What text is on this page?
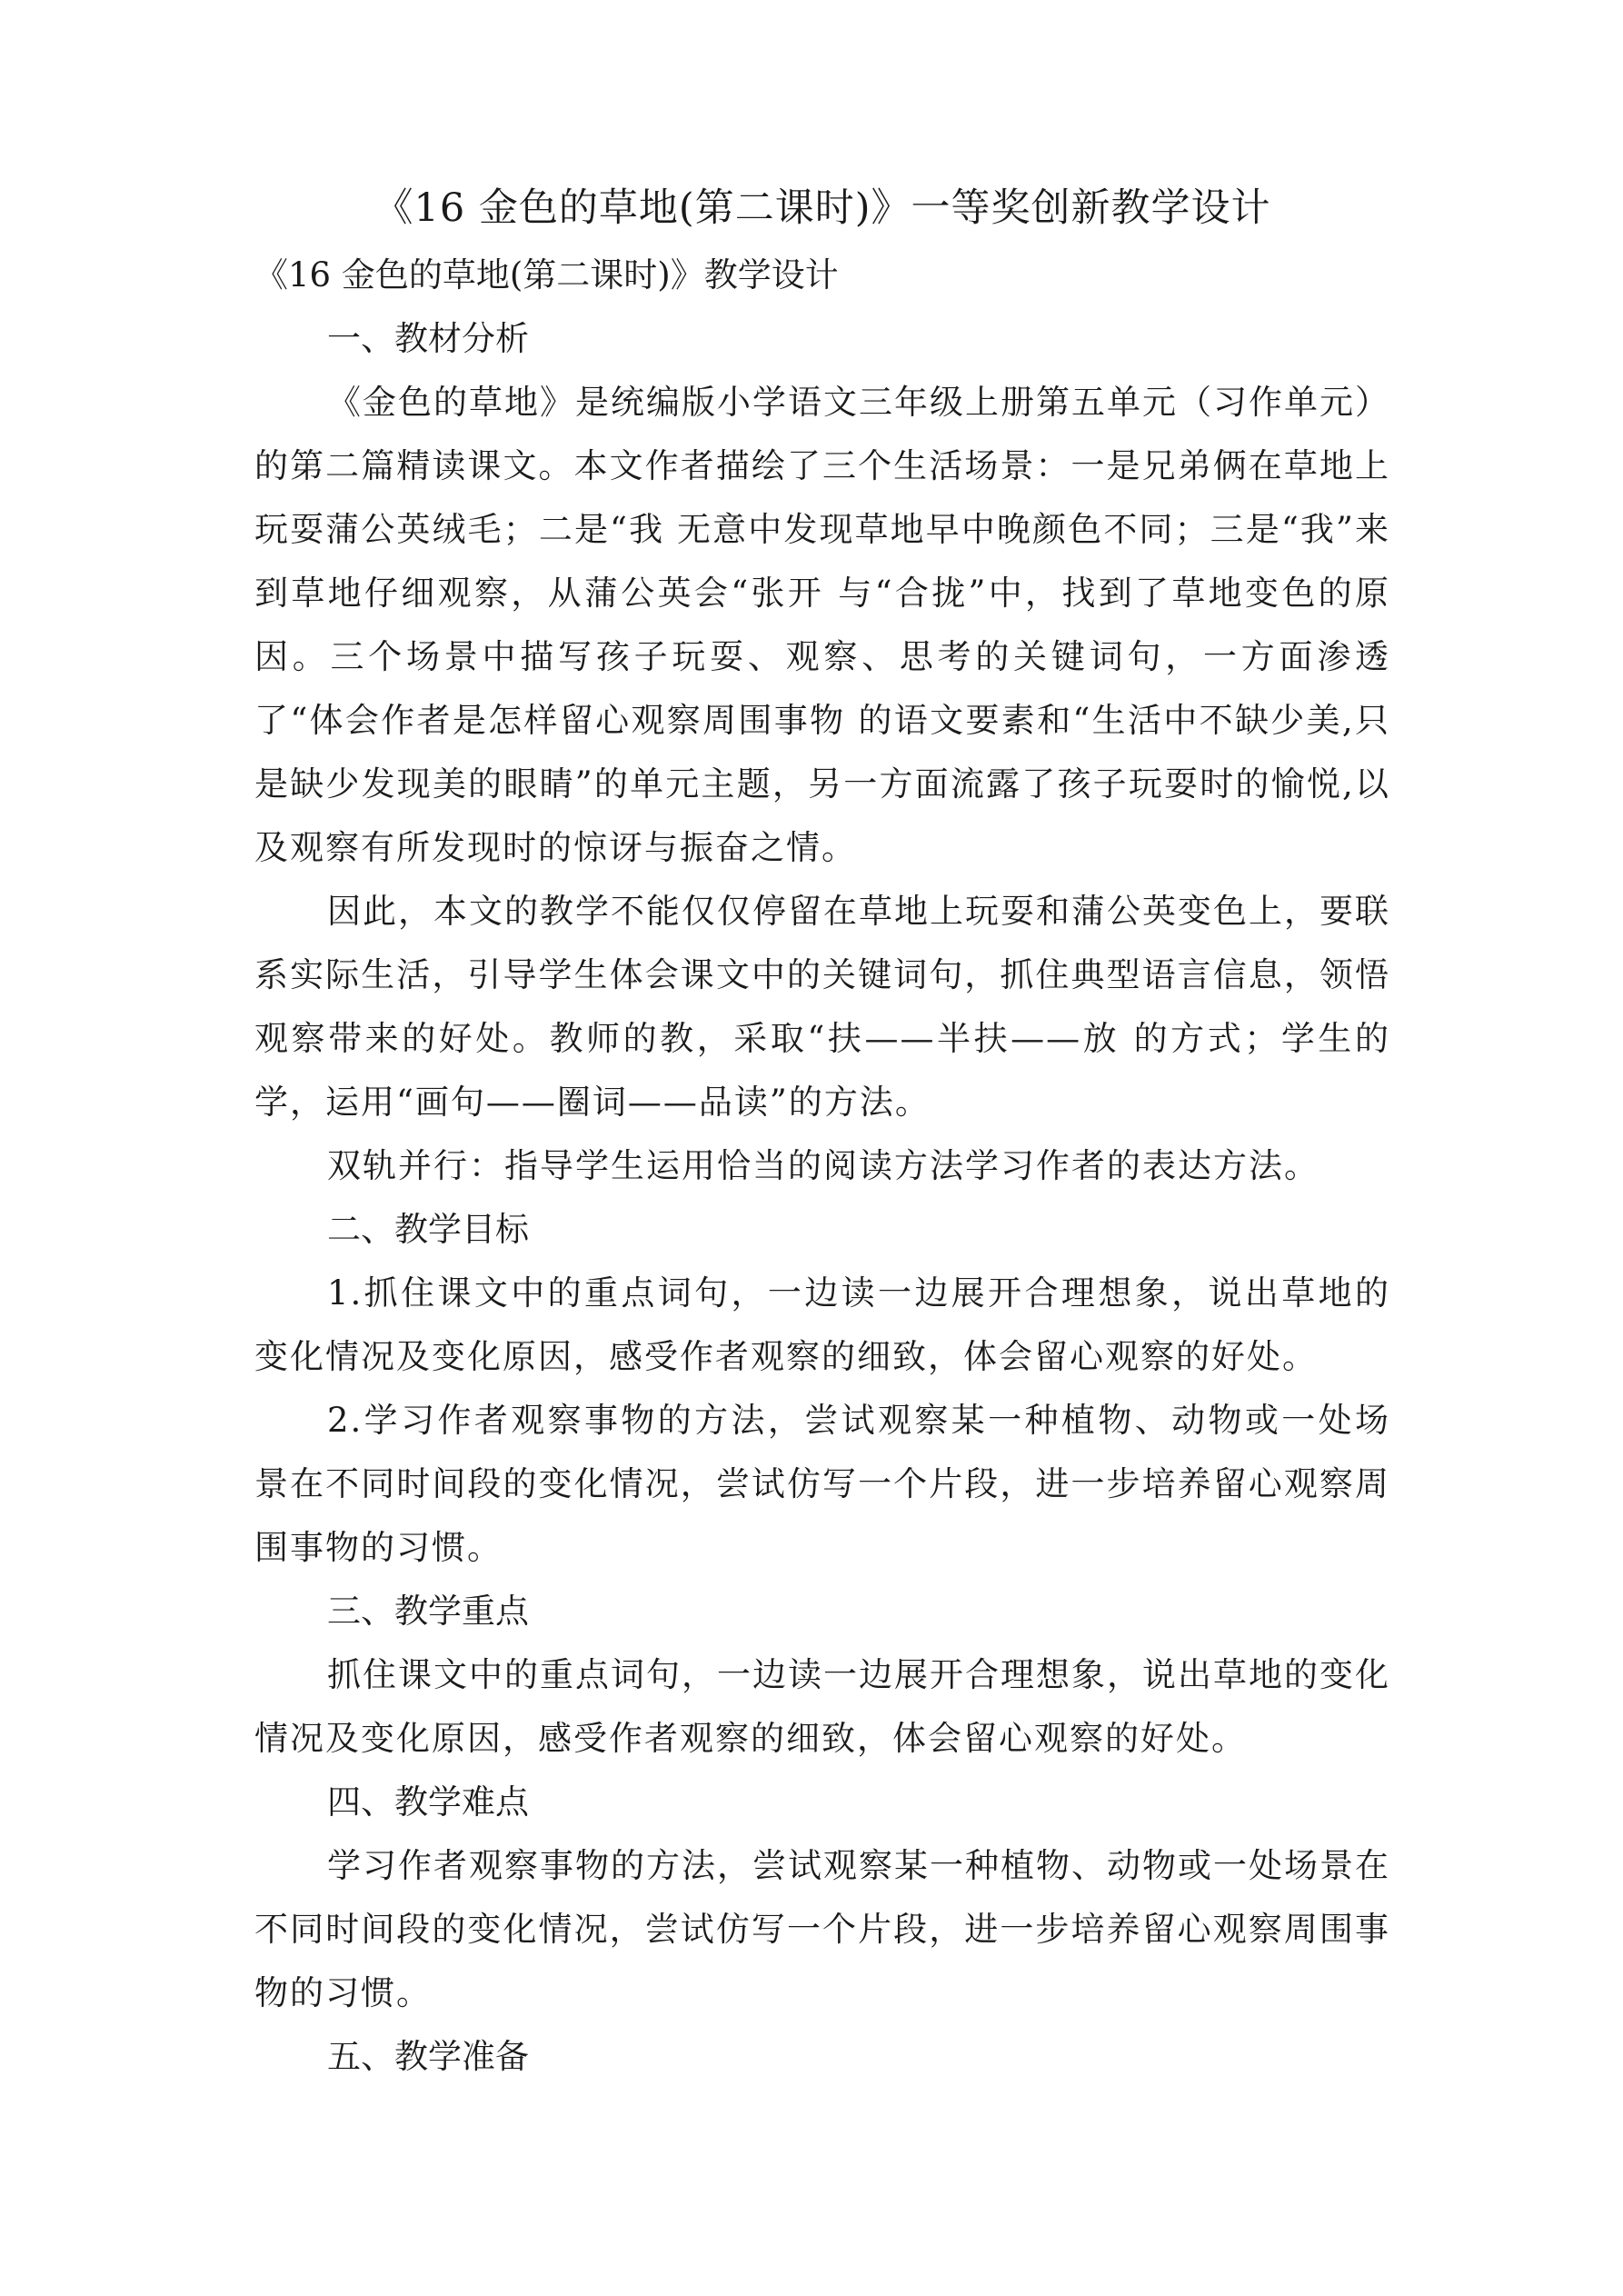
《16 金色的草地(第二课时)》一等奖创新教学设计

《16 金色的草地(第二课时)》教学设计

一、教材分析

《金色的草地》是统编版小学语文三年级上册第五单元（习作单元）的第二篇精读课文。本文作者描绘了三个生活场景：一是兄弟俩在草地上玩耍蒲公英绒毛；二是“我 无意中发现草地早中晚颜色不同；三是“我”来到草地仔细观察，从蒲公英会“张开 与“合拢”中，找到了草地变色的原因。三个场景中描写孩子玩耍、观察、思考的关键词句，一方面渗透了“体会作者是怎样留心观察周围事物 的语文要素和“生活中不缺少美,只是缺少发现美的眼睛”的单元主题，另一方面流露了孩子玩耍时的愉悦,以及观察有所发现时的惊讶与振奋之情。

因此，本文的教学不能仅仅停留在草地上玩耍和蒲公英变色上，要联系实际生活，引导学生体会课文中的关键词句，抓住典型语言信息，领悟观察带来的好处。教师的教，采取“扶——半扶——放 的方式；学生的学，运用“画句——圈词——品读”的方法。

双轨并行：指导学生运用恰当的阅读方法学习作者的表达方法。

二、教学目标

1.抓住课文中的重点词句，一边读一边展开合理想象，说出草地的变化情况及变化原因，感受作者观察的细致，体会留心观察的好处。

2.学习作者观察事物的方法，尝试观察某一种植物、动物或一处场景在不同时间段的变化情况，尝试仿写一个片段，进一步培养留心观察周围事物的习惯。

三、教学重点

抓住课文中的重点词句，一边读一边展开合理想象，说出草地的变化情况及变化原因，感受作者观察的细致，体会留心观察的好处。

四、教学难点

学习作者观察事物的方法，尝试观察某一种植物、动物或一处场景在不同时间段的变化情况，尝试仿写一个片段，进一步培养留心观察周围事物的习惯。

五、教学准备
